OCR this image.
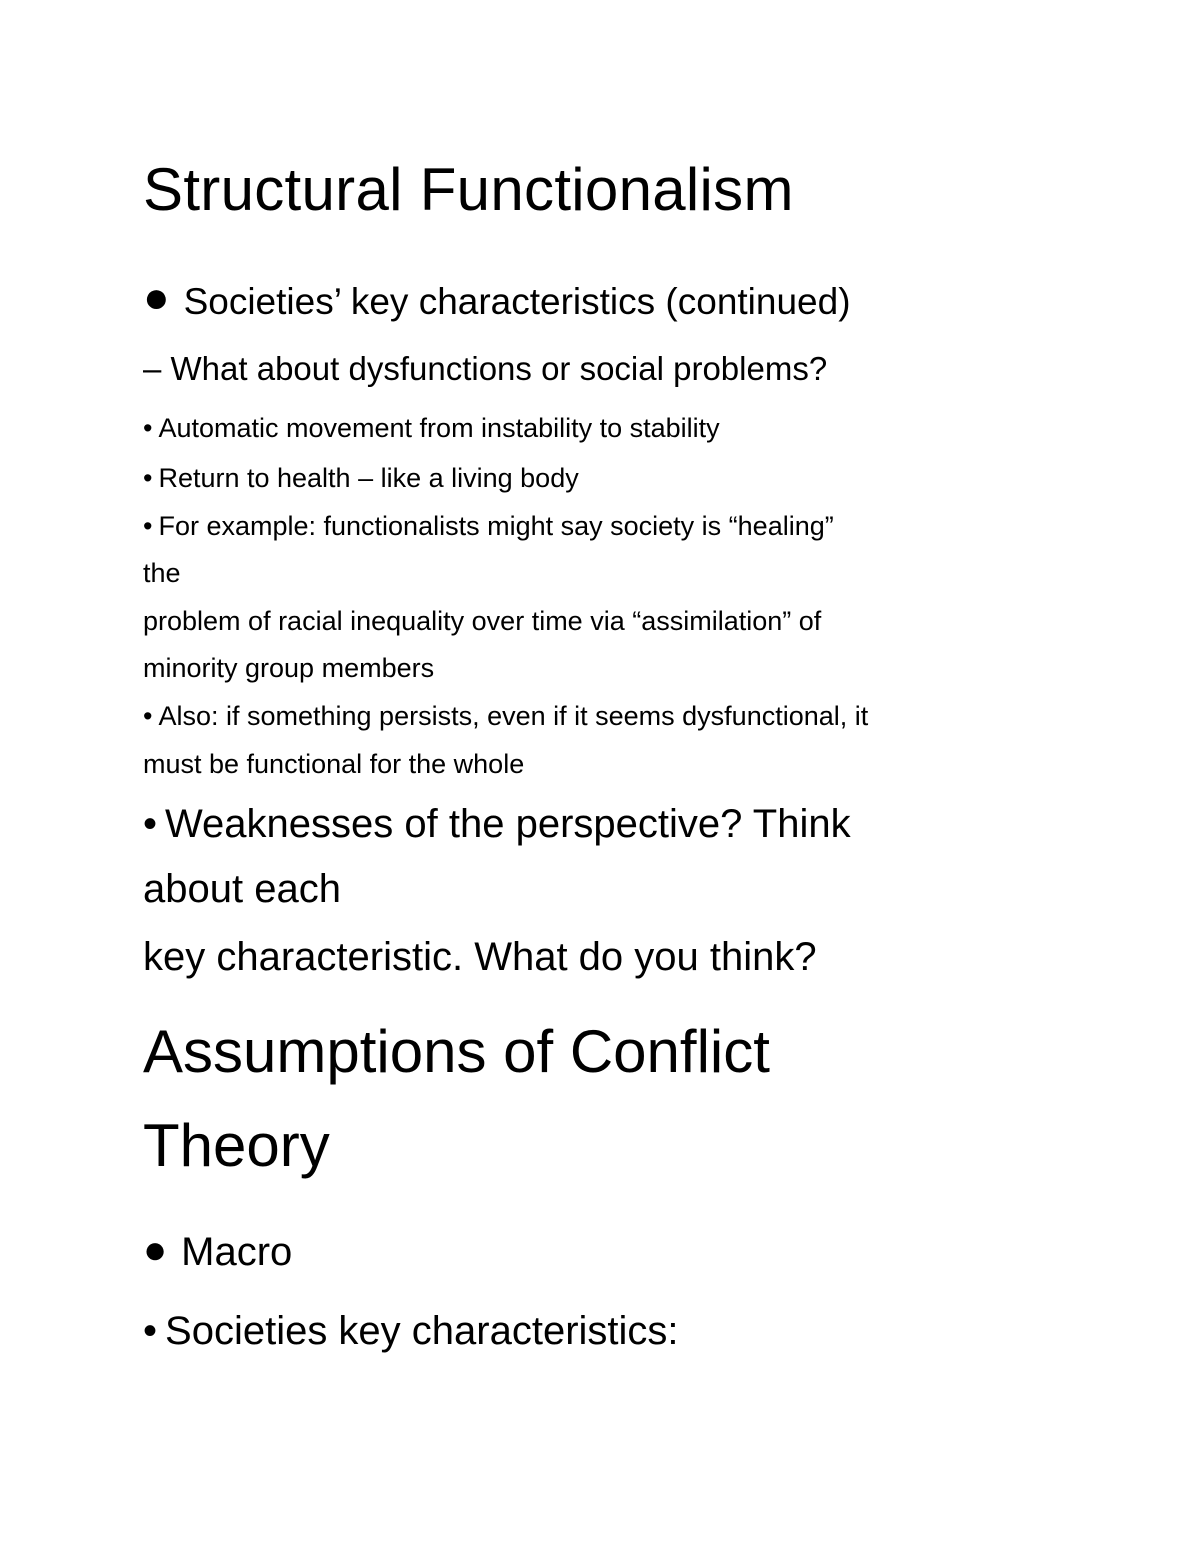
Structural Functionalism
● Societies’ key characteristics (continued)
– What about dysfunctions or social problems?
• Automatic movement from instability to stability
• Return to health – like a living body
• For example: functionalists might say society is “healing”
the
problem of racial inequality over time via “assimilation” of
minority group members
• Also: if something persists, even if it seems dysfunctional, it
must be functional for the whole
• Weaknesses of the perspective? Think
about each
key characteristic. What do you think?
Assumptions of Conflict
Theory
● Macro
• Societies key characteristics:
